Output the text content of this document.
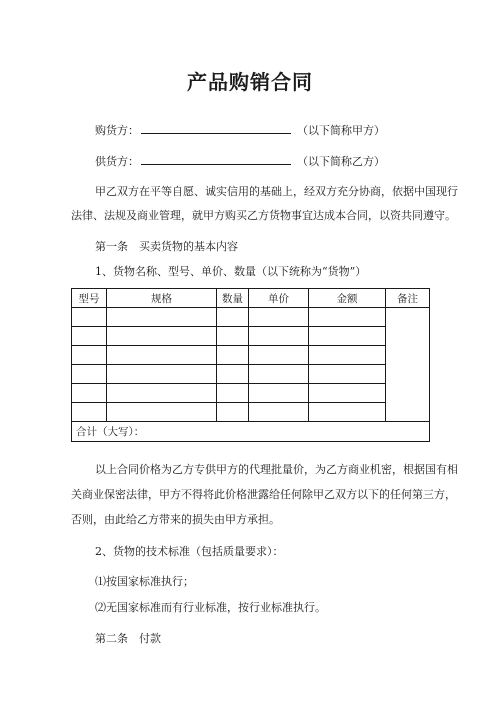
产品购销合同
购货方：	（以下简称甲方）
供货方：	（以下简称乙方）
甲乙双方在平等自愿、诚实信用的基础上，经双方充分协商，依据中国现行
法律、法规及商业管理，就甲方购买乙方货物事宜达成本合同，以资共同遵守。
第一条　买卖货物的基本内容
1、货物名称、型号、单价、数量（以下统称为“货物”）
型号	规格	数量	单价	金额	备注

合计（大写）：					
以上合同价格为乙方专供甲方的代理批量价，为乙方商业机密，根据国有相
关商业保密法律，甲方不得将此价格泄露给任何除甲乙双方以下的任何第三方，
否则，由此给乙方带来的损失由甲方承担。
2、货物的技术标准（包括质量要求）：
⑴按国家标准执行；
⑵无国家标准而有行业标准，按行业标准执行。
第二条　付款
